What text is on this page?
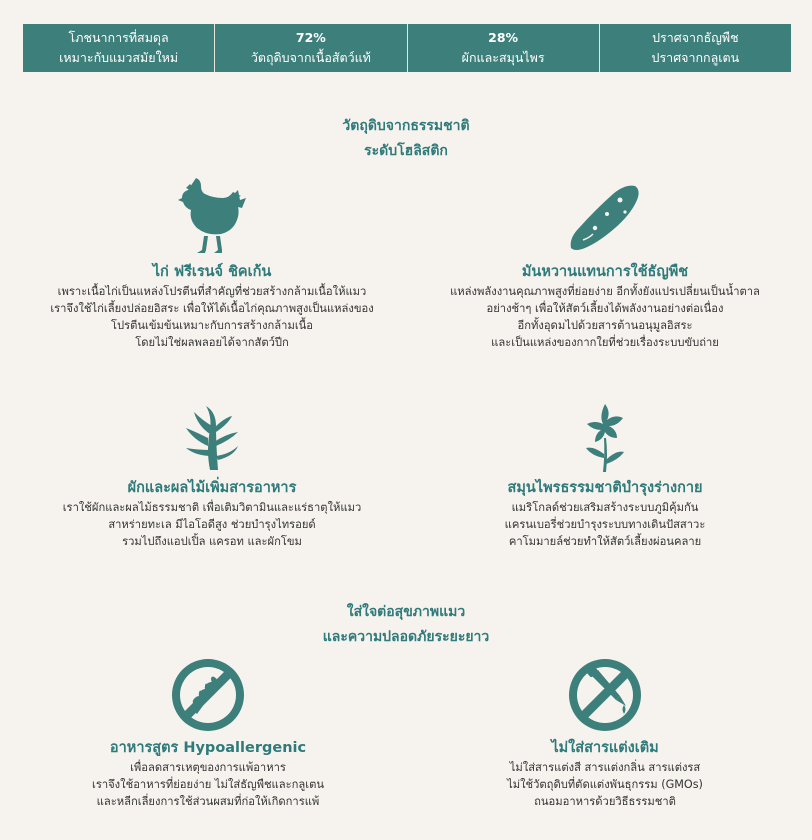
โภชนาการที่สมดุล
เหมาะกับแมวสมัยใหม่
72%
วัตถุดิบจากเนื้อสัตว์แท้
28%
ผักและสมุนไพร
ปราศจากธัญพืช
ปราศจากกลูเตน
วัตถุดิบจากธรรมชาติ
ระดับโฮลิสติก
ไก่ ฟรีเรนจ์ ชิคเก้น
เพราะเนื้อไก่เป็นแหล่งโปรตีนที่สำคัญที่ช่วยสร้างกล้ามเนื้อให้แมว
เราจึงใช้ไก่เลี้ยงปล่อยอิสระ เพื่อให้ได้เนื้อไก่คุณภาพสูงเป็นแหล่งของ
โปรตีนเข้มข้นเหมาะกับการสร้างกล้ามเนื้อ
โดยไม่ใช่ผลพลอยได้จากสัตว์ปีก
มันหวานแทนการใช้ธัญพืช
แหล่งพลังงานคุณภาพสูงที่ย่อยง่าย อีกทั้งยังแปรเปลี่ยนเป็นน้ำตาล
อย่างช้าๆ เพื่อให้สัตว์เลี้ยงได้พลังงานอย่างต่อเนื่อง
อีกทั้งอุดมไปด้วยสารต้านอนุมูลอิสระ
และเป็นแหล่งของกากใยที่ช่วยเรื่องระบบขับถ่าย
ผักและผลไม้เพิ่มสารอาหาร
เราใช้ผักและผลไม้ธรรมชาติ เพื่อเติมวิตามินและแร่ธาตุให้แมว
สาหร่ายทะเล มีไอโอดีสูง ช่วยบำรุงไทรอยด์
รวมไปถึงแอปเปิ้ล แครอท และผักโขม
สมุนไพรธรรมชาติบำรุงร่างกาย
แมริโกลด์ช่วยเสริมสร้างระบบภูมิคุ้มกัน
แครนเบอรี่ช่วยบำรุงระบบทางเดินปัสสาวะ
คาโมมายล์ช่วยทำให้สัตว์เลี้ยงผ่อนคลาย
ใส่ใจต่อสุขภาพแมว
และความปลอดภัยระยะยาว
อาหารสูตร Hypoallergenic
เพื่อลดสารเหตุของการแพ้อาหาร
เราจึงใช้อาหารที่ย่อยง่าย ไม่ใส่ธัญพืชและกลูเตน
และหลีกเลี่ยงการใช้ส่วนผสมที่ก่อให้เกิดการแพ้
ไม่ใส่สารแต่งเติม
ไม่ใส่สารแต่งสี สารแต่งกลิ่น สารแต่งรส
ไม่ใช้วัตถุดิบที่ตัดแต่งพันธุกรรม (GMOs)
ถนอมอาหารด้วยวิธีธรรมชาติ
